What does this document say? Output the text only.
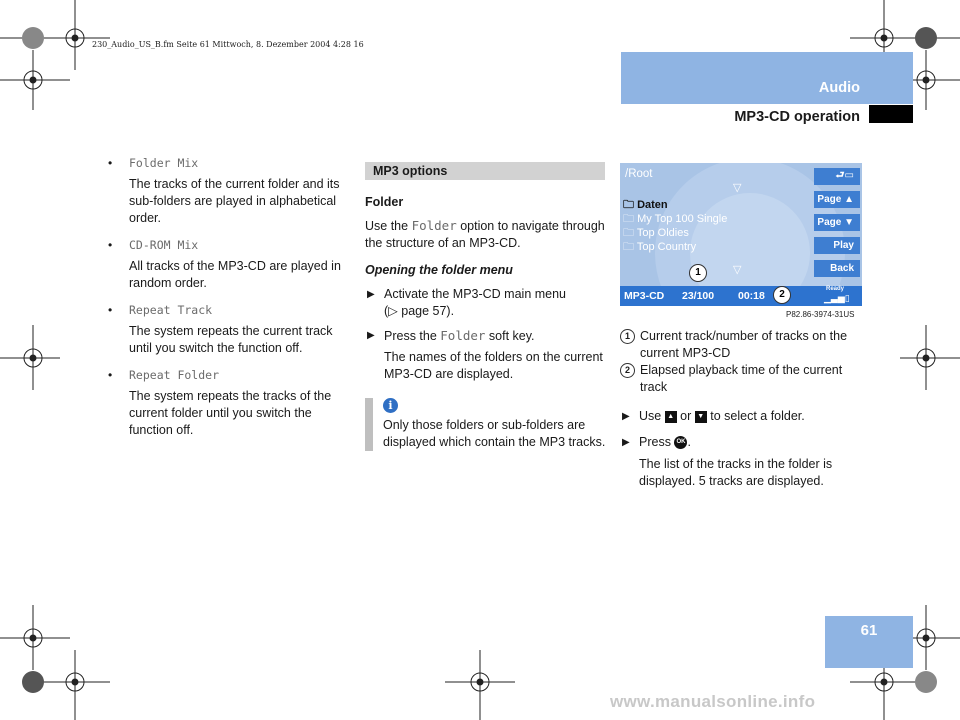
230_Audio_US_B.fm Seite 61 Mittwoch, 8. Dezember 2004 4:28 16
Audio
MP3-CD operation
• Folder Mix
The tracks of the current folder and its sub-folders are played in alphabetical order.
• CD-ROM Mix
All tracks of the MP3-CD are played in random order.
• Repeat Track
The system repeats the current track until you switch the function off.
• Repeat Folder
The system repeats the tracks of the current folder until you switch the function off.
MP3 options
Folder
Use the Folder option to navigate through the structure of an MP3-CD.
Opening the folder menu
▶ Activate the MP3-CD main menu
(▷ page 57).
▶ Press the Folder soft key.
The names of the folders on the current MP3-CD are displayed.
i
Only those folders or sub-folders are displayed which contain the MP3 tracks.
/Root
▽
🗀 Daten
🗀 My Top 100 Single
🗀 Top Oldies
🗀 Top Country
▽
⮐▭
Page
▲
Page
▼
Play
Back
MP3-CD 23/100 00:18
Ready
▁▃▅▯
1
2
P82.86-3974-31US
1 Current track/number of tracks on the current MP3-CD
2 Elapsed playback time of the current track
▶ Use ▲ or ▼ to select a folder.
▶ Press OK .
The list of the tracks in the folder is displayed. 5 tracks are displayed.
61
www.manualsonline.info
